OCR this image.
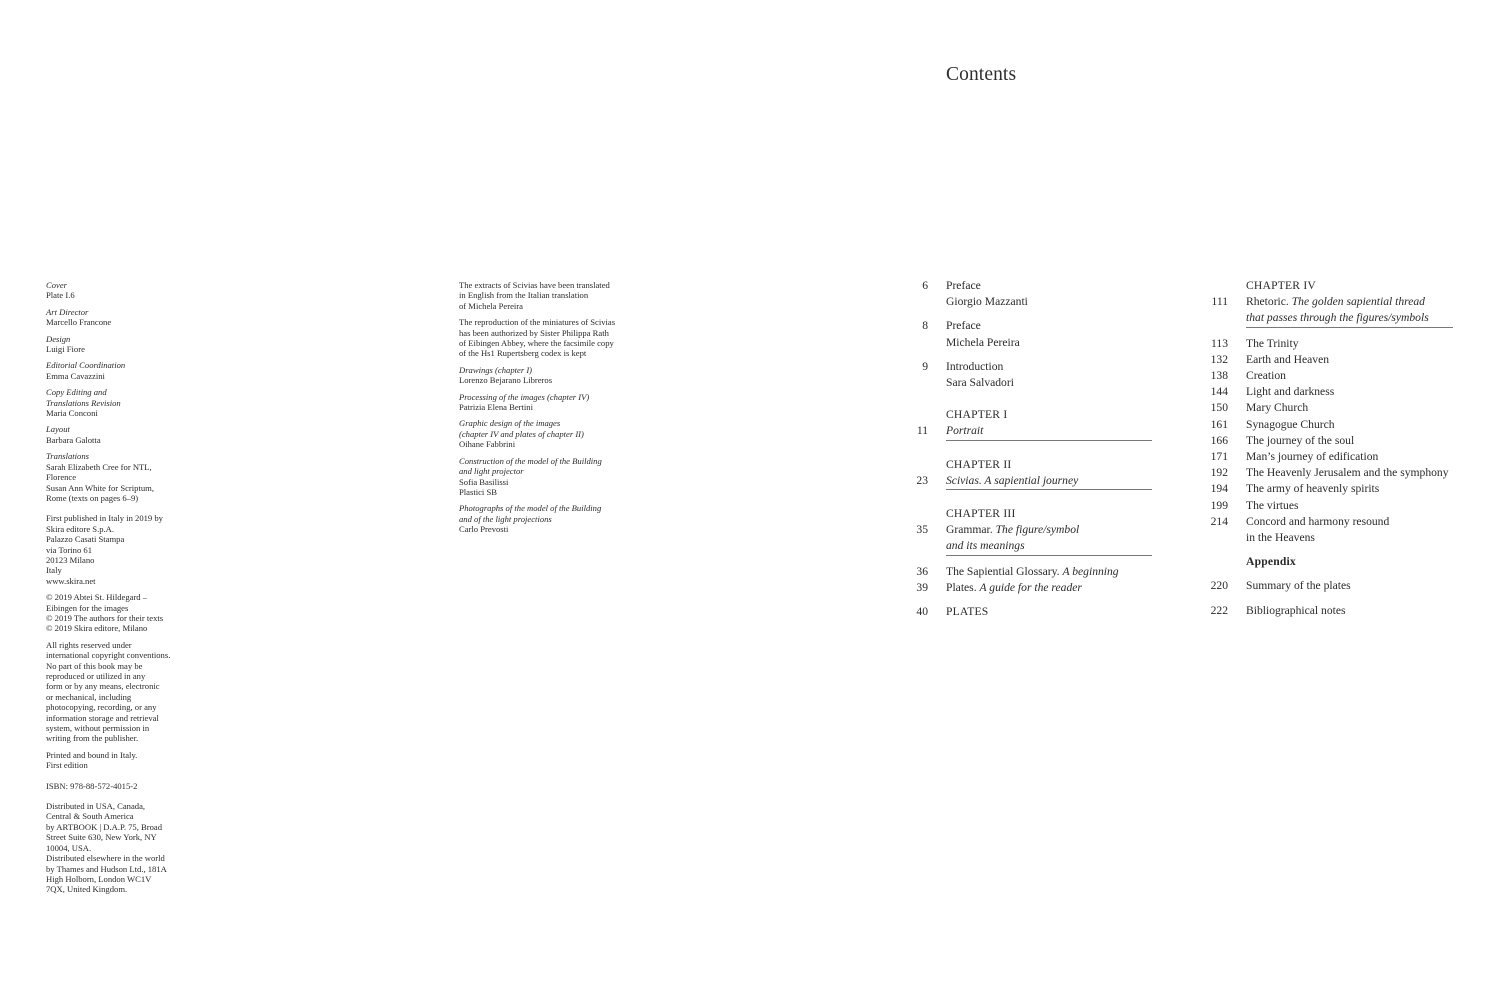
Cover
Plate I.6

Art Director
Marcello Francone

Design
Luigi Fiore

Editorial Coordination
Emma Cavazzini

Copy Editing and
Translations Revision
Maria Conconi

Layout
Barbara Galotta

Translations
Sarah Elizabeth Cree for NTL,
Florence
Susan Ann White for Scriptum,
Rome (texts on pages 6–9)

First published in Italy in 2019 by
Skira editore S.p.A.
Palazzo Casati Stampa
via Torino 61
20123 Milano
Italy
www.skira.net

© 2019 Abtei St. Hildegard –
Eibingen for the images
© 2019 The authors for their texts
© 2019 Skira editore, Milano

All rights reserved under
international copyright conventions.
No part of this book may be
reproduced or utilized in any
form or by any means, electronic
or mechanical, including
photocopying, recording, or any
information storage and retrieval
system, without permission in
writing from the publisher.

Printed and bound in Italy.
First edition

ISBN: 978-88-572-4015-2

Distributed in USA, Canada,
Central & South America
by ARTBOOK | D.A.P. 75, Broad
Street Suite 630, New York, NY
10004, USA.
Distributed elsewhere in the world
by Thames and Hudson Ltd., 181A
High Holborn, London WC1V
7QX, United Kingdom.

The extracts of Scivias have been translated
in English from the Italian translation
of Michela Pereira

The reproduction of the miniatures of Scivias
has been authorized by Sister Philippa Rath
of Eibingen Abbey, where the facsimile copy
of the Hs1 Rupertsberg codex is kept

Drawings (chapter I)
Lorenzo Bejarano Libreros

Processing of the images (chapter IV)
Patrizia Elena Bertini

Graphic design of the images
(chapter IV and plates of chapter II)
Oihane Fabbrini

Construction of the model of the Building
and light projector
Sofia Basilissi
Plastici SB

Photographs of the model of the Building
and of the light projections
Carlo Prevosti

Contents
6 Preface
Giorgio Mazzanti
8 Preface
Michela Pereira
9 Introduction
Sara Salvadori
CHAPTER I
11 Portrait
CHAPTER II
23 Scivias. A sapiential journey
CHAPTER III
35 Grammar. The figure/symbol
and its meanings
36 The Sapiential Glossary. A beginning
39 Plates. A guide for the reader
40 PLATES
CHAPTER IV
111 Rhetoric. The golden sapiential thread
that passes through the figures/symbols
113 The Trinity
132 Earth and Heaven
138 Creation
144 Light and darkness
150 Mary Church
161 Synagogue Church
166 The journey of the soul
171 Man’s journey of edification
192 The Heavenly Jerusalem and the symphony
194 The army of heavenly spirits
199 The virtues
214 Concord and harmony resound
in the Heavens
Appendix
220 Summary of the plates
222 Bibliographical notes
